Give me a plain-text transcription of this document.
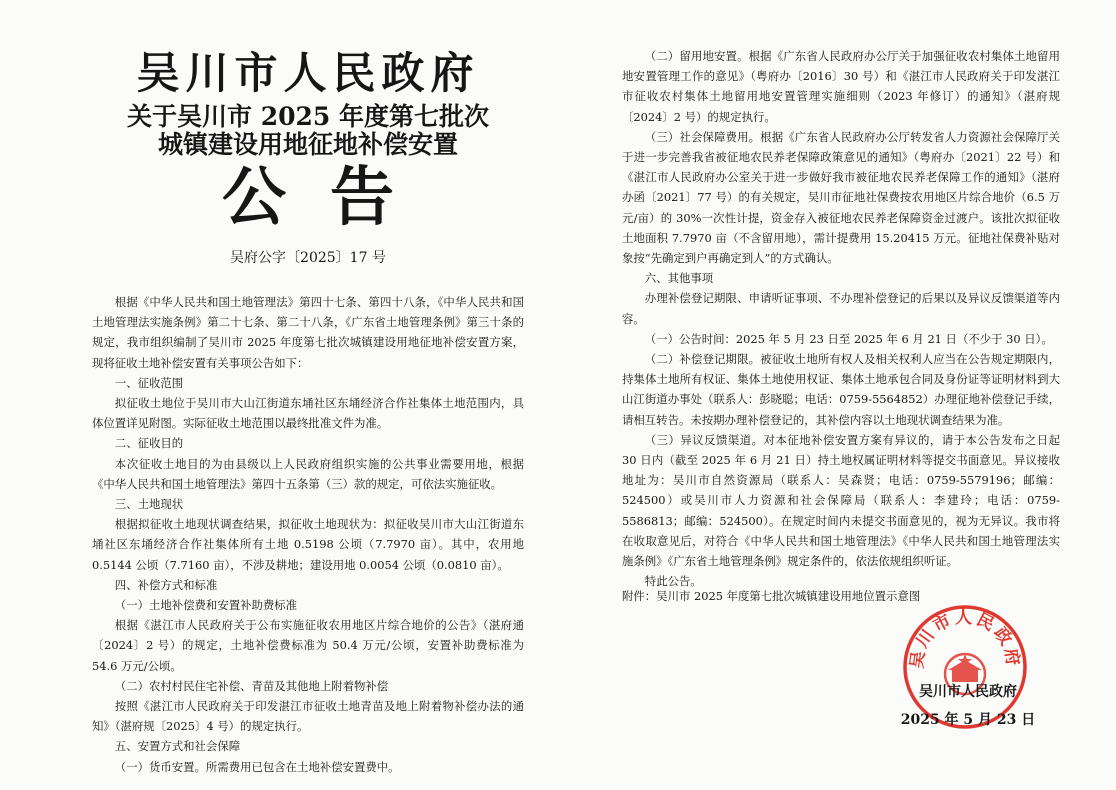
吴川市人民政府
关于吴川市 2025 年度第七批次
城镇建设用地征地补偿安置
公告
吴府公字〔2025〕17 号

根据《中华人民共和国土地管理法》第四十七条、第四十八条，《中华人民共和国土地管理法实施条例》第二十七条、第二十八条，《广东省土地管理条例》第三十条的规定，我市组织编制了吴川市 2025 年度第七批次城镇建设用地征地补偿安置方案，现将征收土地补偿安置有关事项公告如下：

一、征收范围

拟征收土地位于吴川市大山江街道东埇社区东埇经济合作社集体土地范围内，具体位置详见附图。实际征收土地范围以最终批准文件为准。

二、征收目的

本次征收土地目的为由县级以上人民政府组织实施的公共事业需要用地，根据《中华人民共和国土地管理法》第四十五条第（三）款的规定，可依法实施征收。

三、土地现状

根据拟征收土地现状调查结果，拟征收土地现状为：拟征收吴川市大山江街道东埇社区东埇经济合作社集体所有土地 0.5198 公顷（7.7970 亩）。其中，农用地 0.5144 公顷（7.7160 亩），不涉及耕地；建设用地 0.0054 公顷（0.0810 亩）。

四、补偿方式和标准

（一）土地补偿费和安置补助费标准

根据《湛江市人民政府关于公布实施征收农用地区片综合地价的公告》（湛府通〔2024〕2 号）的规定，土地补偿费标准为 50.4 万元/公顷，安置补助费标准为 54.6 万元/公顷。

（二）农村村民住宅补偿、青苗及其他地上附着物补偿

按照《湛江市人民政府关于印发湛江市征收土地青苗及地上附着物补偿办法的通知》（湛府规〔2025〕4 号）的规定执行。

五、安置方式和社会保障

（一）货币安置。所需费用已包含在土地补偿安置费中。

（二）留用地安置。根据《广东省人民政府办公厅关于加强征收农村集体土地留用地安置管理工作的意见》（粤府办〔2016〕30 号）和《湛江市人民政府关于印发湛江市征收农村集体土地留用地安置管理实施细则（2023 年修订）的通知》（湛府规〔2024〕2 号）的规定执行。

（三）社会保障费用。根据《广东省人民政府办公厅转发省人力资源社会保障厅关于进一步完善我省被征地农民养老保障政策意见的通知》（粤府办〔2021〕22 号）和《湛江市人民政府办公室关于进一步做好我市被征地农民养老保障工作的通知》（湛府办函〔2021〕77 号）的有关规定，吴川市征地社保费按农用地区片综合地价（6.5 万元/亩）的 30%一次性计提，资金存入被征地农民养老保障资金过渡户。该批次拟征收土地面积 7.7970 亩（不含留用地），需计提费用 15.20415 万元。征地社保费补贴对象按“先确定到户再确定到人”的方式确认。

六、其他事项

办理补偿登记期限、申请听证事项、不办理补偿登记的后果以及异议反馈渠道等内容。

（一）公告时间：2025 年 5 月 23 日至 2025 年 6 月 21 日（不少于 30 日）。

（二）补偿登记期限。被征收土地所有权人及相关权利人应当在公告规定期限内，持集体土地所有权证、集体土地使用权证、集体土地承包合同及身份证等证明材料到大山江街道办事处（联系人：彭晓聪；电话：0759-5564852）办理征地补偿登记手续，请相互转告。未按期办理补偿登记的，其补偿内容以土地现状调查结果为准。

（三）异议反馈渠道。对本征地补偿安置方案有异议的，请于本公告发布之日起 30 日内（截至 2025 年 6 月 21 日）持土地权属证明材料等提交书面意见。异议接收地址为：吴川市自然资源局（联系人：吴森贤；电话：0759-5579196；邮编：524500）或吴川市人力资源和社会保障局（联系人：李建玲；电话：0759-5586813；邮编：524500）。在规定时间内未提交书面意见的，视为无异议。我市将在收取意见后，对符合《中华人民共和国土地管理法》《中华人民共和国土地管理法实施条例》《广东省土地管理条例》规定条件的，依法依规组织听证。

特此公告。

附件：吴川市 2025 年度第七批次城镇建设用地位置示意图
吴川市人民政府
吴川市人民政府
2025 年 5 月 23 日
